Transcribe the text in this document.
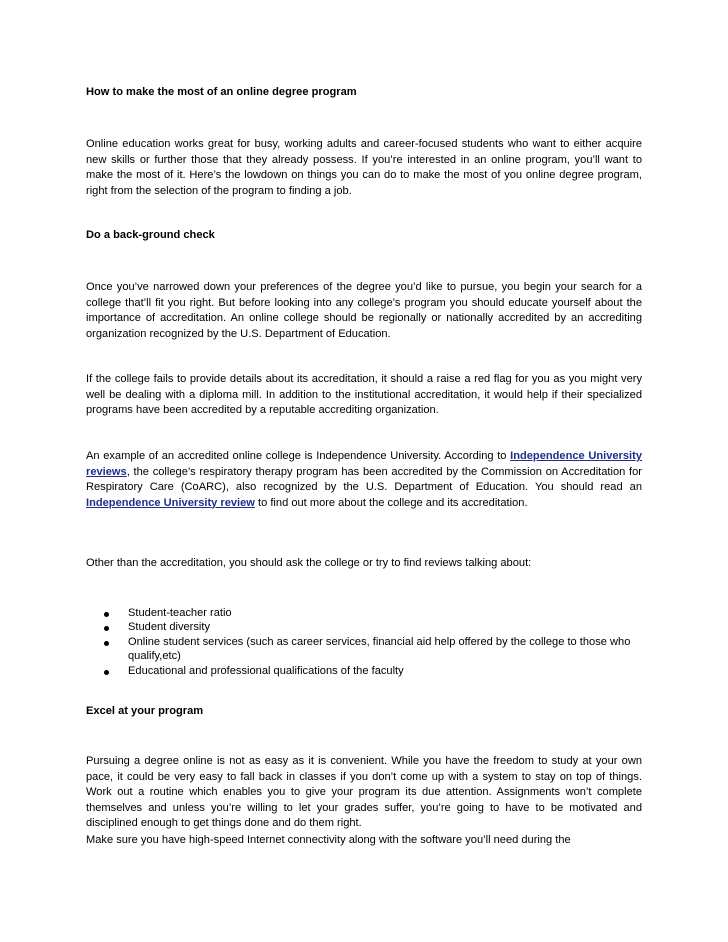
How to make the most of an online degree program

Online education works great for busy, working adults and career-focused students who want to either acquire new skills or further those that they already possess. If you’re interested in an online program, you’ll want to make the most of it. Here’s the lowdown on things you can do to make the most of you online degree program, right from the selection of the program to finding a job.

Do a back-ground check

Once you’ve narrowed down your preferences of the degree you’d like to pursue, you begin your search for a college that’ll fit you right. But before looking into any college’s program you should educate yourself about the importance of accreditation. An online college should be regionally or nationally accredited by an accrediting organization recognized by the U.S. Department of Education.

If the college fails to provide details about its accreditation, it should a raise a red flag for you as you might very well be dealing with a diploma mill. In addition to the institutional accreditation, it would help if their specialized programs have been accredited by a reputable accrediting organization.

An example of an accredited online college is Independence University. According to Independence University reviews, the college’s respiratory therapy program has been accredited by the Commission on Accreditation for Respiratory Care (CoARC), also recognized by the U.S. Department of Education. You should read an Independence University review to find out more about the college and its accreditation.

Other than the accreditation, you should ask the college or try to find reviews talking about:

Student-teacher ratio
Student diversity
Online student services (such as career services, financial aid help offered by the college to those who qualify,etc)
Educational and professional qualifications of the faculty

Excel at your program

Pursuing a degree online is not as easy as it is convenient. While you have the freedom to study at your own pace, it could be very easy to fall back in classes if you don’t come up with a system to stay on top of things. Work out a routine which enables you to give your program its due attention. Assignments won’t complete themselves and unless you’re willing to let your grades suffer, you’re going to have to be motivated and disciplined enough to get things done and do them right.

Make sure you have high-speed Internet connectivity along with the software you’ll need during the
